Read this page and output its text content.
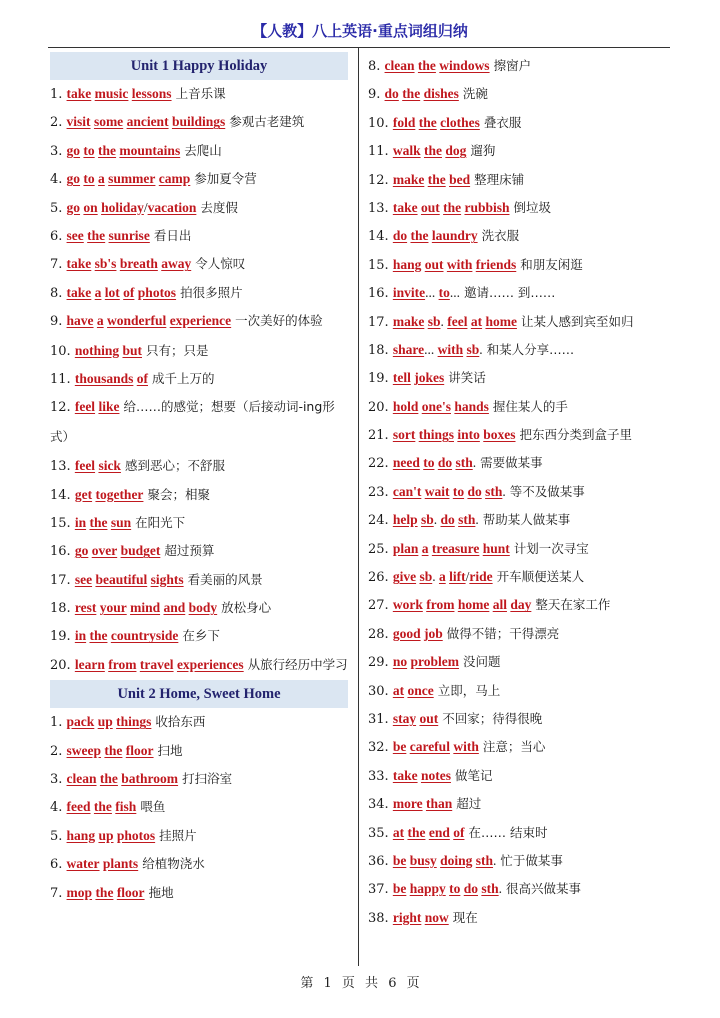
【人教】八上英语·重点词组归纳
Unit 1 Happy Holiday
1. take music lessons 上音乐课
2. visit some ancient buildings 参观古老建筑
3. go to the mountains 去爬山
4. go to a summer camp 参加夏令营
5. go on holiday/vacation 去度假
6. see the sunrise 看日出
7. take sb's breath away 令人惊叹
8. take a lot of photos 拍很多照片
9. have a wonderful experience 一次美好的体验
10. nothing but 只有；只是
11. thousands of 成千上万的
12. feel like 给……的感觉；想要（后接动词-ing形式）
13. feel sick 感到恶心；不舒服
14. get together 聚会；相聚
15. in the sun 在阳光下
16. go over budget 超过预算
17. see beautiful sights 看美丽的风景
18. rest your mind and body 放松身心
19. in the countryside 在乡下
20. learn from travel experiences 从旅行经历中学习
Unit 2 Home, Sweet Home
1. pack up things 收拾东西
2. sweep the floor 扫地
3. clean the bathroom 打扫浴室
4. feed the fish 喂鱼
5. hang up photos 挂照片
6. water plants 给植物浇水
7. mop the floor 拖地
8. clean the windows 擦窗户
9. do the dishes 洗碗
10. fold the clothes 叠衣服
11. walk the dog 遛狗
12. make the bed 整理床铺
13. take out the rubbish 倒垃圾
14. do the laundry 洗衣服
15. hang out with friends 和朋友闲逛
16. invite... to... 邀请…… 到……
17. make sb. feel at home 让某人感到宾至如归
18. share... with sb. 和某人分享……
19. tell jokes 讲笑话
20. hold one's hands 握住某人的手
21. sort things into boxes 把东西分类到盒子里
22. need to do sth. 需要做某事
23. can't wait to do sth. 等不及做某事
24. help sb. do sth. 帮助某人做某事
25. plan a treasure hunt 计划一次寻宝
26. give sb. a lift/ride 开车顺便送某人
27. work from home all day 整天在家工作
28. good job 做得不错；干得漂亮
29. no problem 没问题
30. at once 立即，马上
31. stay out 不回家；待得很晚
32. be careful with 注意；当心
33. take notes 做笔记
34. more than 超过
35. at the end of 在…… 结束时
36. be busy doing sth. 忙于做某事
37. be happy to do sth. 很高兴做某事
38. right now 现在
第 1 页 共 6 页
